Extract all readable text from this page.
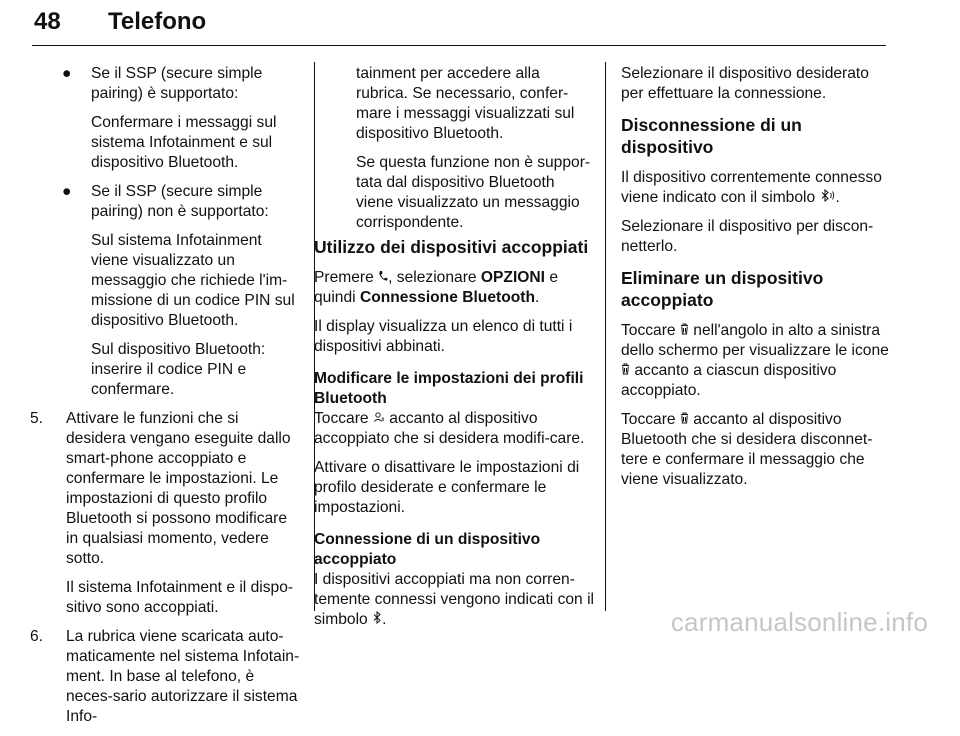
48 Telefono
● Se il SSP (secure simple pairing) è supportato:
Confermare i messaggi sul sistema Infotainment e sul dispositivo Bluetooth.
● Se il SSP (secure simple pairing) non è supportato:
Sul sistema Infotainment viene visualizzato un messaggio che richiede l'im-missione di un codice PIN sul dispositivo Bluetooth.
Sul dispositivo Bluetooth: inserire il codice PIN e confermare.
5. Attivare le funzioni che si desidera vengano eseguite dallo smart-phone accoppiato e confermare le impostazioni. Le impostazioni di questo profilo Bluetooth si possono modificare in qualsiasi momento, vedere sotto.
Il sistema Infotainment e il dispo-sitivo sono accoppiati.
6. La rubrica viene scaricata auto-maticamente nel sistema Infotain-ment. In base al telefono, è neces-sario autorizzare il sistema Info-

tainment per accedere alla rubrica. Se necessario, confer-mare i messaggi visualizzati sul dispositivo Bluetooth.

Se questa funzione non è suppor-tata dal dispositivo Bluetooth viene visualizzato un messaggio corrispondente.

Utilizzo dei dispositivi accoppiati

Premere , selezionare OPZIONI e quindi Connessione Bluetooth.

Il display visualizza un elenco di tutti i dispositivi abbinati.

Modificare le impostazioni dei profili Bluetooth

Toccare accanto al dispositivo accoppiato che si desidera modifi-care.

Attivare o disattivare le impostazioni di profilo desiderate e confermare le impostazioni.

Connessione di un dispositivo accoppiato

I dispositivi accoppiati ma non corren-temente connessi vengono indicati con il simbolo .

Selezionare il dispositivo desiderato per effettuare la connessione.

Disconnessione di un dispositivo

Il dispositivo correntemente connesso viene indicato con il simbolo .

Selezionare il dispositivo per discon-netterlo.

Eliminare un dispositivo accoppiato

Toccare nell'angolo in alto a sinistra dello schermo per visualizzare le icone  accanto a ciascun dispositivo accoppiato.

Toccare accanto al dispositivo Bluetooth che si desidera disconnet-tere e confermare il messaggio che viene visualizzato.

carmanualsonline.info
